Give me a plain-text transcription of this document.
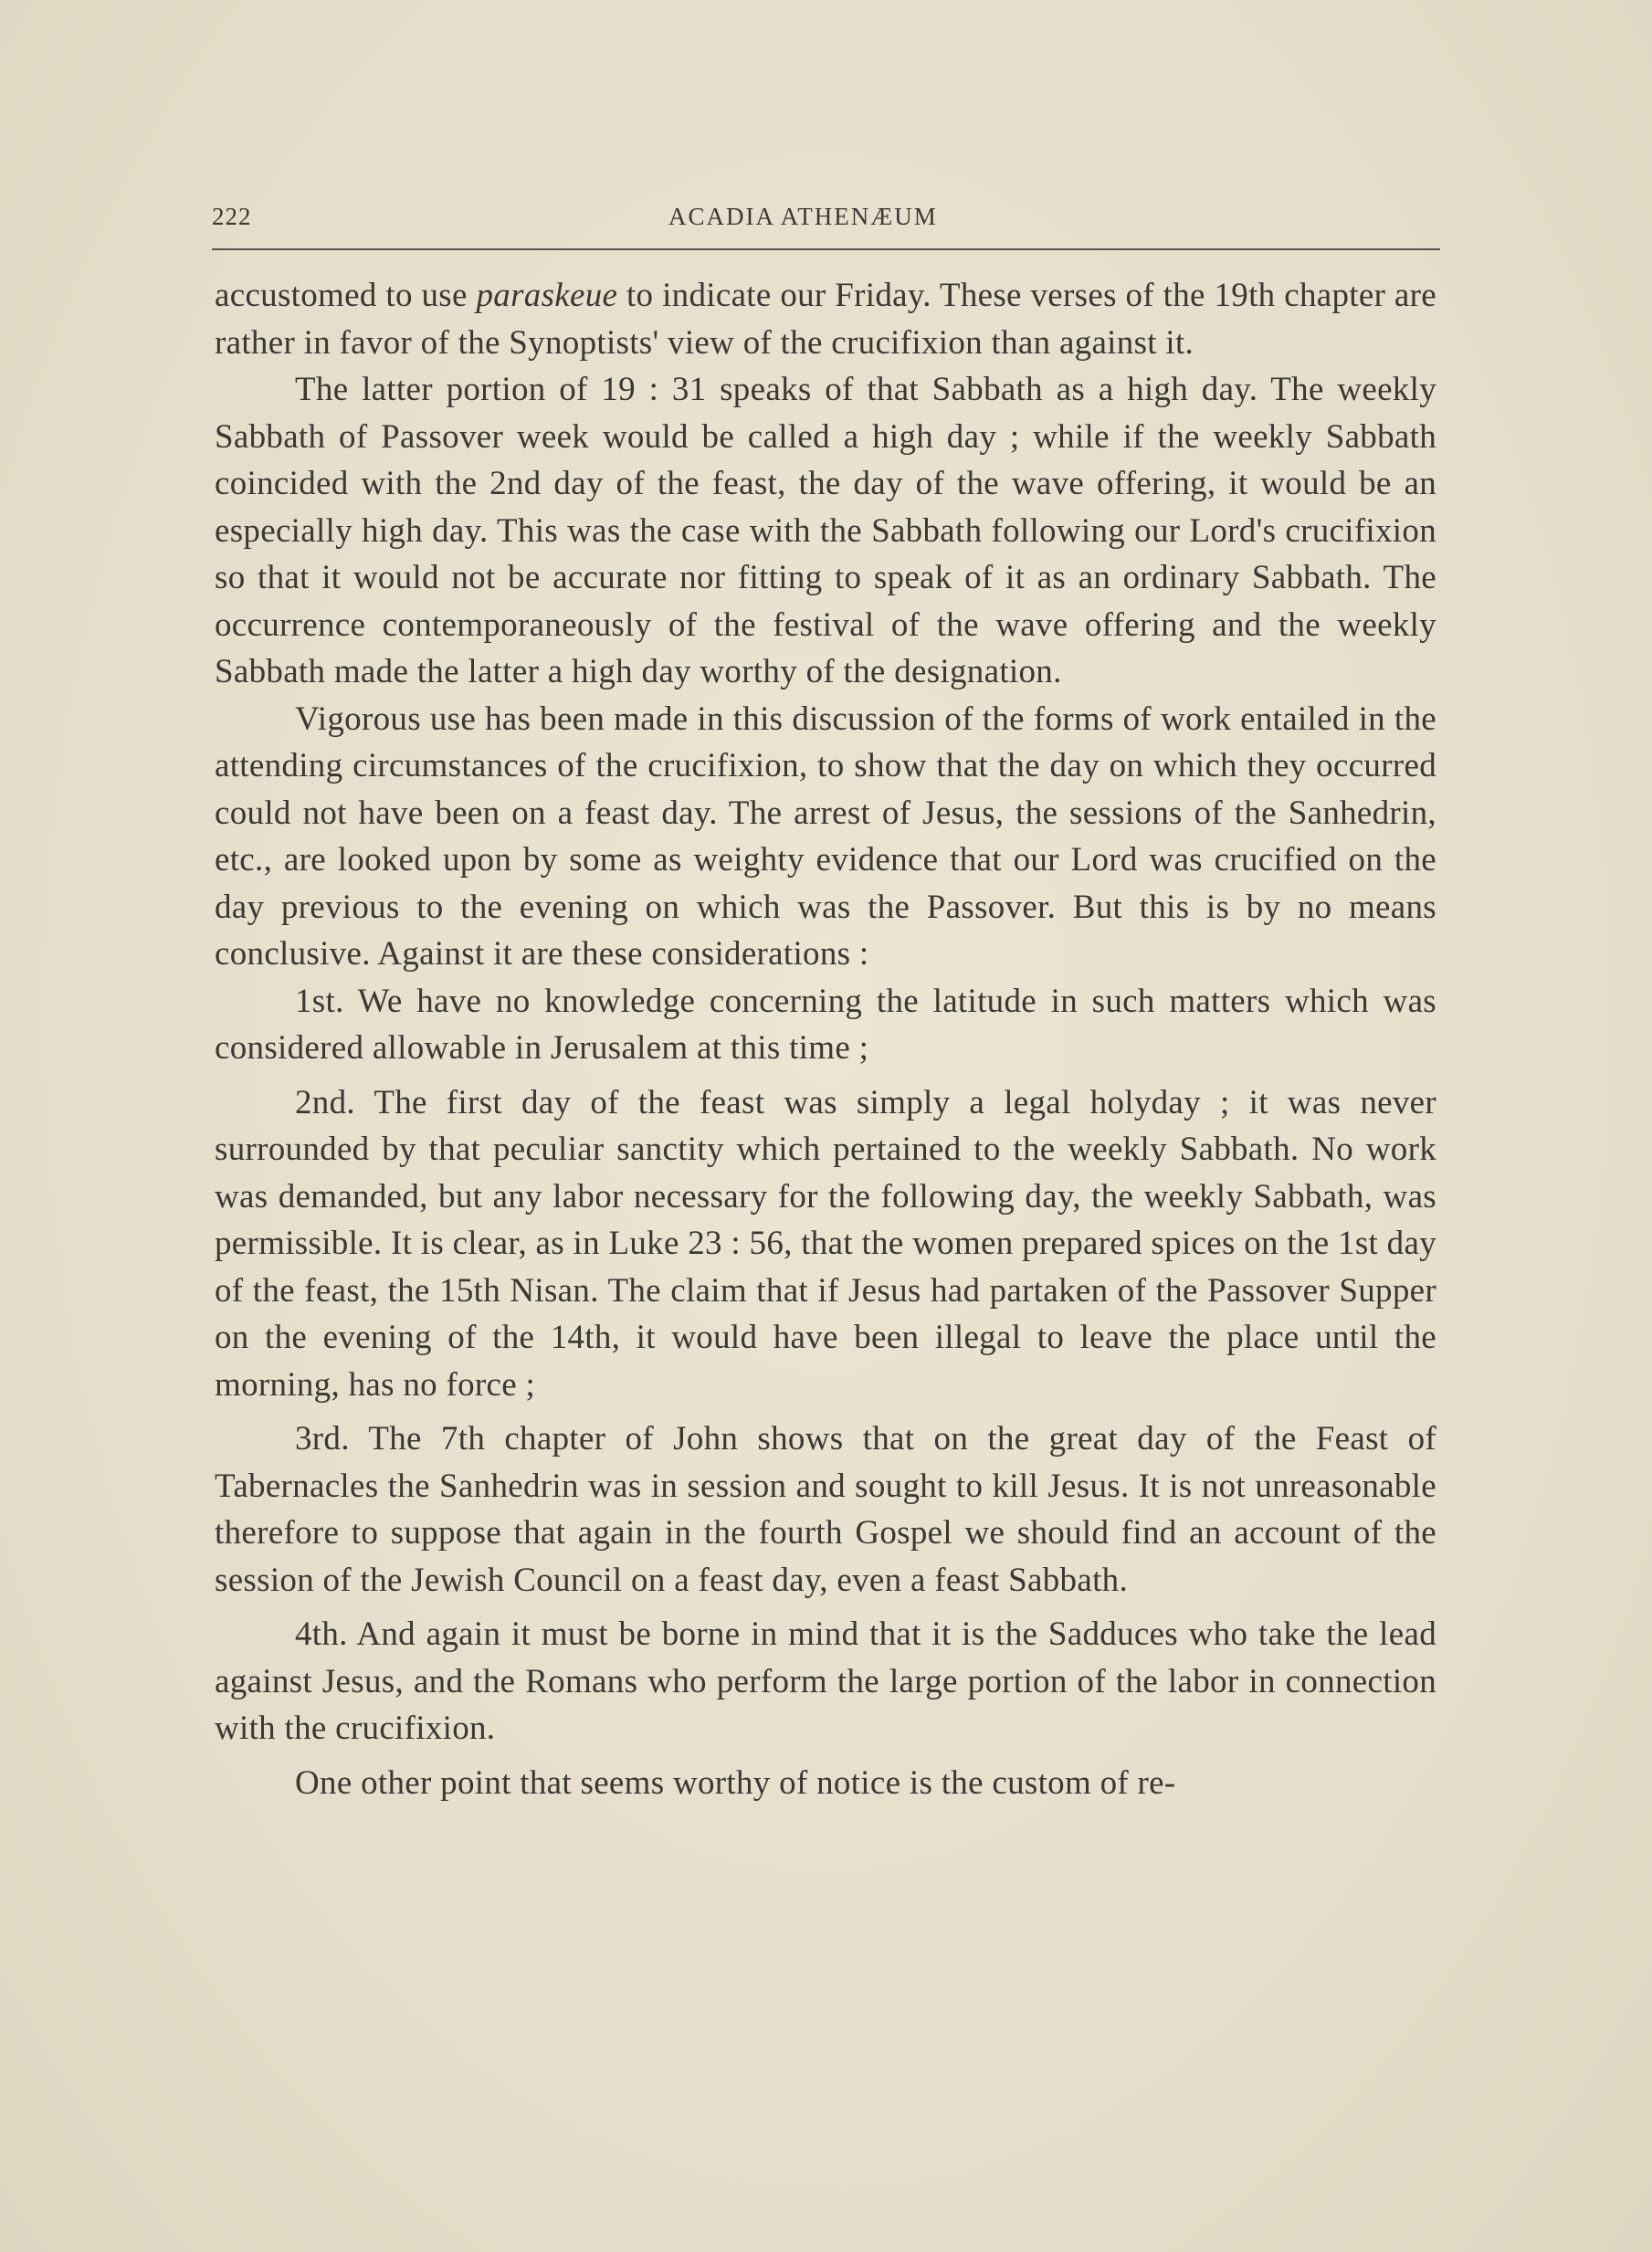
222	ACADIA ATHENÆUM

accustomed to use paraskeue to indicate our Friday. These verses of the 19th chapter are rather in favor of the Synoptists' view of the crucifixion than against it.

The latter portion of 19 : 31 speaks of that Sabbath as a high day. The weekly Sabbath of Passover week would be called a high day ; while if the weekly Sabbath coincided with the 2nd day of the feast, the day of the wave offering, it would be an especially high day. This was the case with the Sabbath following our Lord's crucifixion so that it would not be accurate nor fitting to speak of it as an ordinary Sabbath. The occurrence contemporaneously of the festival of the wave offering and the weekly Sabbath made the latter a high day worthy of the designation.

Vigorous use has been made in this discussion of the forms of work entailed in the attending circumstances of the crucifixion, to show that the day on which they occurred could not have been on a feast day. The arrest of Jesus, the sessions of the Sanhedrin, etc., are looked upon by some as weighty evidence that our Lord was crucified on the day previous to the evening on which was the Passover. But this is by no means conclusive. Against it are these considerations :

1st. We have no knowledge concerning the latitude in such matters which was considered allowable in Jerusalem at this time ;

2nd. The first day of the feast was simply a legal holyday ; it was never surrounded by that peculiar sanctity which pertained to the weekly Sabbath. No work was demanded, but any labor necessary for the following day, the weekly Sabbath, was permissible. It is clear, as in Luke 23 : 56, that the women prepared spices on the 1st day of the feast, the 15th Nisan. The claim that if Jesus had partaken of the Passover Supper on the evening of the 14th, it would have been illegal to leave the place until the morning, has no force ;

3rd. The 7th chapter of John shows that on the great day of the Feast of Tabernacles the Sanhedrin was in session and sought to kill Jesus. It is not unreasonable therefore to suppose that again in the fourth Gospel we should find an account of the session of the Jewish Council on a feast day, even a feast Sabbath.

4th. And again it must be borne in mind that it is the Sadduces who take the lead against Jesus, and the Romans who perform the large portion of the labor in connection with the crucifixion.

One other point that seems worthy of notice is the custom of re-
